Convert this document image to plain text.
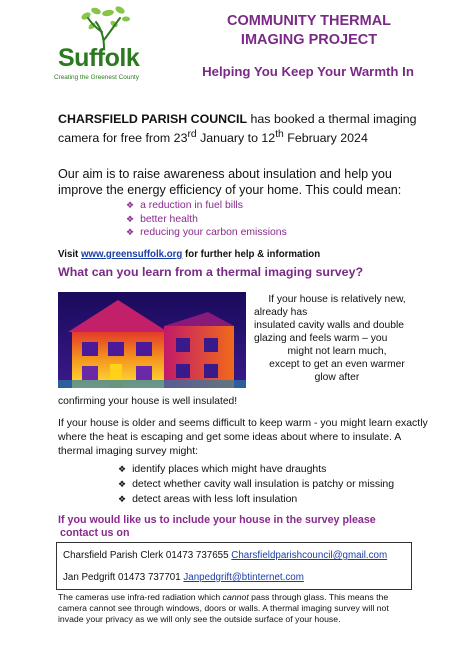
Suffolk
Creating the Greenest County
COMMUNITY THERMAL
IMAGING PROJECT
Helping You Keep Your Warmth In
CHARSFIELD PARISH COUNCIL has booked a thermal imaging camera for free from 23rd January to 12th February 2024
Our aim is to raise awareness about insulation and help you improve the energy efficiency of your home. This could mean:
❖ a reduction in fuel bills
❖ better health
❖ reducing your carbon emissions
Visit www.greensuffolk.org for further help & information
What can you learn from a thermal imaging survey?
If your house is relatively new,
already has
insulated cavity walls and double
glazing and feels warm – you
might not learn much,
except to get an even warmer
glow after
confirming your house is well insulated!
If your house is older and seems difficult to keep warm - you might learn exactly where the heat is escaping and get some ideas about where to insulate. A thermal imaging survey might:
❖ identify places which might have draughts
❖ detect whether cavity wall insulation is patchy or missing
❖ detect areas with less loft insulation
If you would like us to include your house in the survey please
contact us on
Charsfield Parish Clerk 01473 737655 Charsfieldparishcouncil@gmail.com
Jan Pedgrift 01473 737701 Janpedgrift@btinternet.com
The cameras use infra-red radiation which cannot pass through glass. This means the camera cannot see through windows, doors or walls. A thermal imaging survey will not invade your privacy as we will only see the outside surface of your house.
